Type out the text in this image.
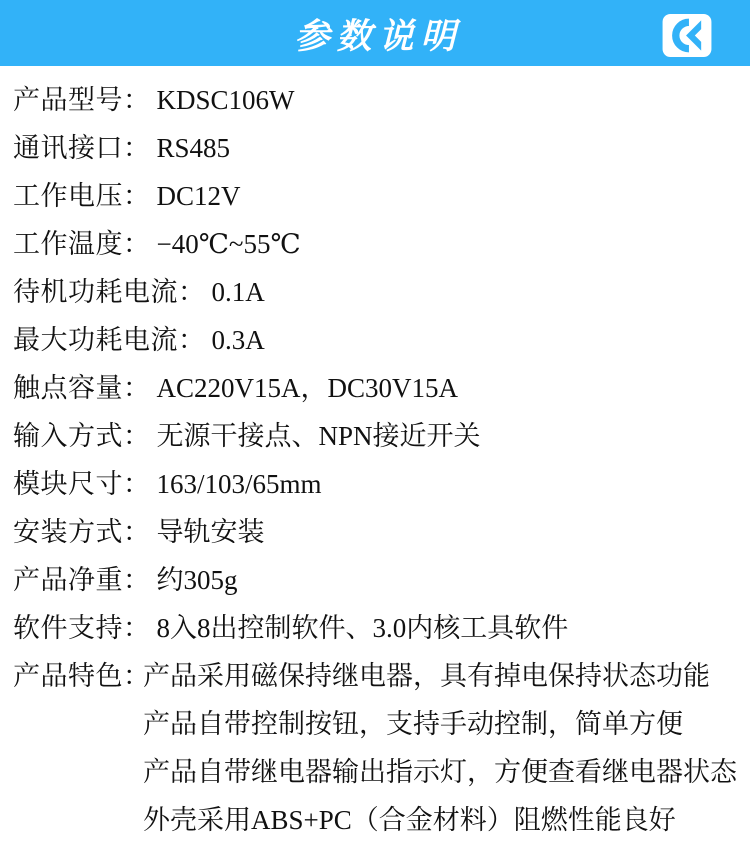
参数说明
产品型号： KDSC106W
通讯接口： RS485
工作电压： DC12V
工作温度： −40℃~55℃
待机功耗电流： 0.1A
最大功耗电流： 0.3A
触点容量： AC220V15A，DC30V15A
输入方式： 无源干接点、NPN接近开关
模块尺寸： 163/103/65mm
安装方式： 导轨安装
产品净重： 约305g
软件支持： 8入8出控制软件、3.0内核工具软件
产品特色：产品采用磁保持继电器，具有掉电保持状态功能
产品自带控制按钮，支持手动控制，简单方便
产品自带继电器输出指示灯，方便查看继电器状态
外壳采用ABS+PC（合金材料）阻燃性能良好
